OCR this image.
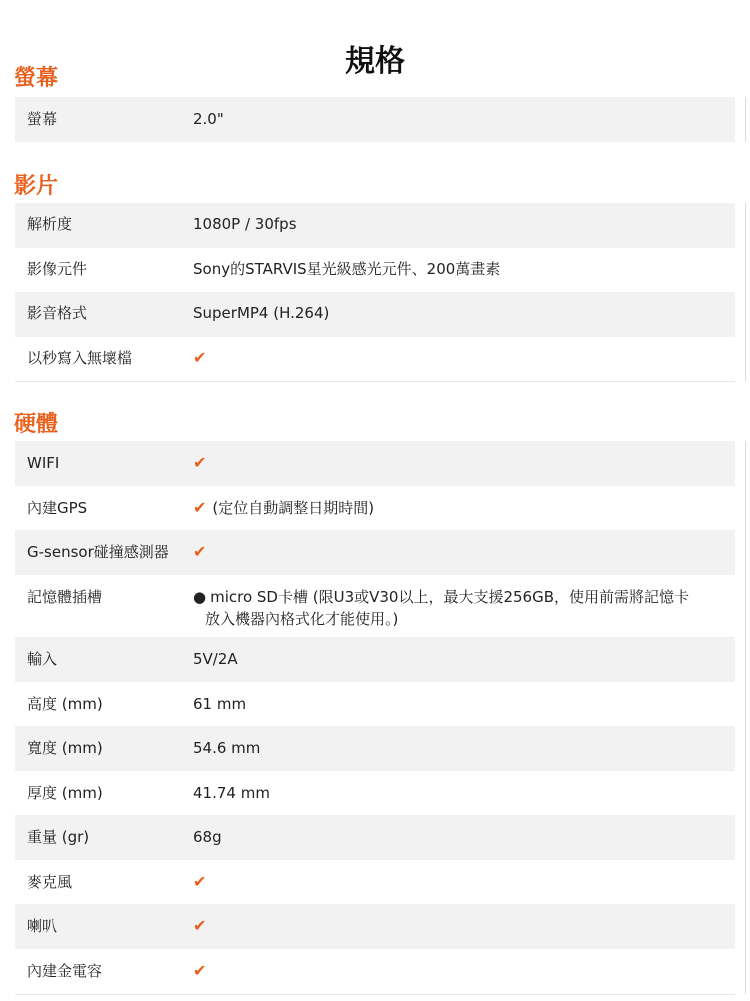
規格
螢幕
螢幕	2.0"
影片
解析度	1080P / 30fps
影像元件	Sony的STARVIS星光級感光元件、200萬畫素
影音格式	SuperMP4 (H.264)
以秒寫入無壞檔	✔
硬體
WIFI	✔
內建GPS	✔ (定位自動調整日期時間)
G-sensor碰撞感測器	✔
記憶體插槽	● micro SD卡槽 (限U3或V30以上，最大支援256GB，使用前需將記憶卡
放入機器內格式化才能使用。)
輸入	5V/2A
高度 (mm)	61 mm
寬度 (mm)	54.6 mm
厚度 (mm)	41.74 mm
重量 (gr)	68g
麥克風	✔
喇叭	✔
內建金電容	✔
